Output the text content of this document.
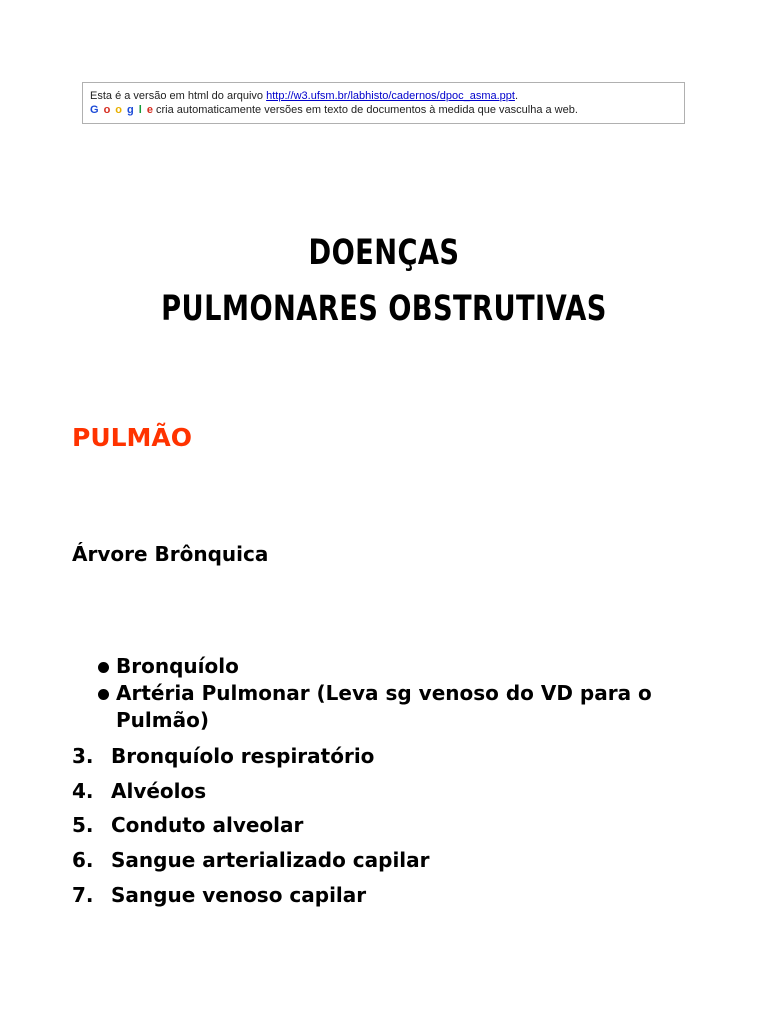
Esta é a versão em html do arquivo http://w3.ufsm.br/labhisto/cadernos/dpoc_asma.ppt.
G o o g l e cria automaticamente versões em texto de documentos à medida que vasculha a web.
DOENÇAS
PULMONARES OBSTRUTIVAS
PULMÃO
Árvore Brônquica
Bronquíolo
Artéria Pulmonar (Leva sg venoso do VD para o Pulmão)
3. Bronquíolo respiratório
4. Alvéolos
5. Conduto alveolar
6. Sangue arterializado capilar
7. Sangue venoso capilar
